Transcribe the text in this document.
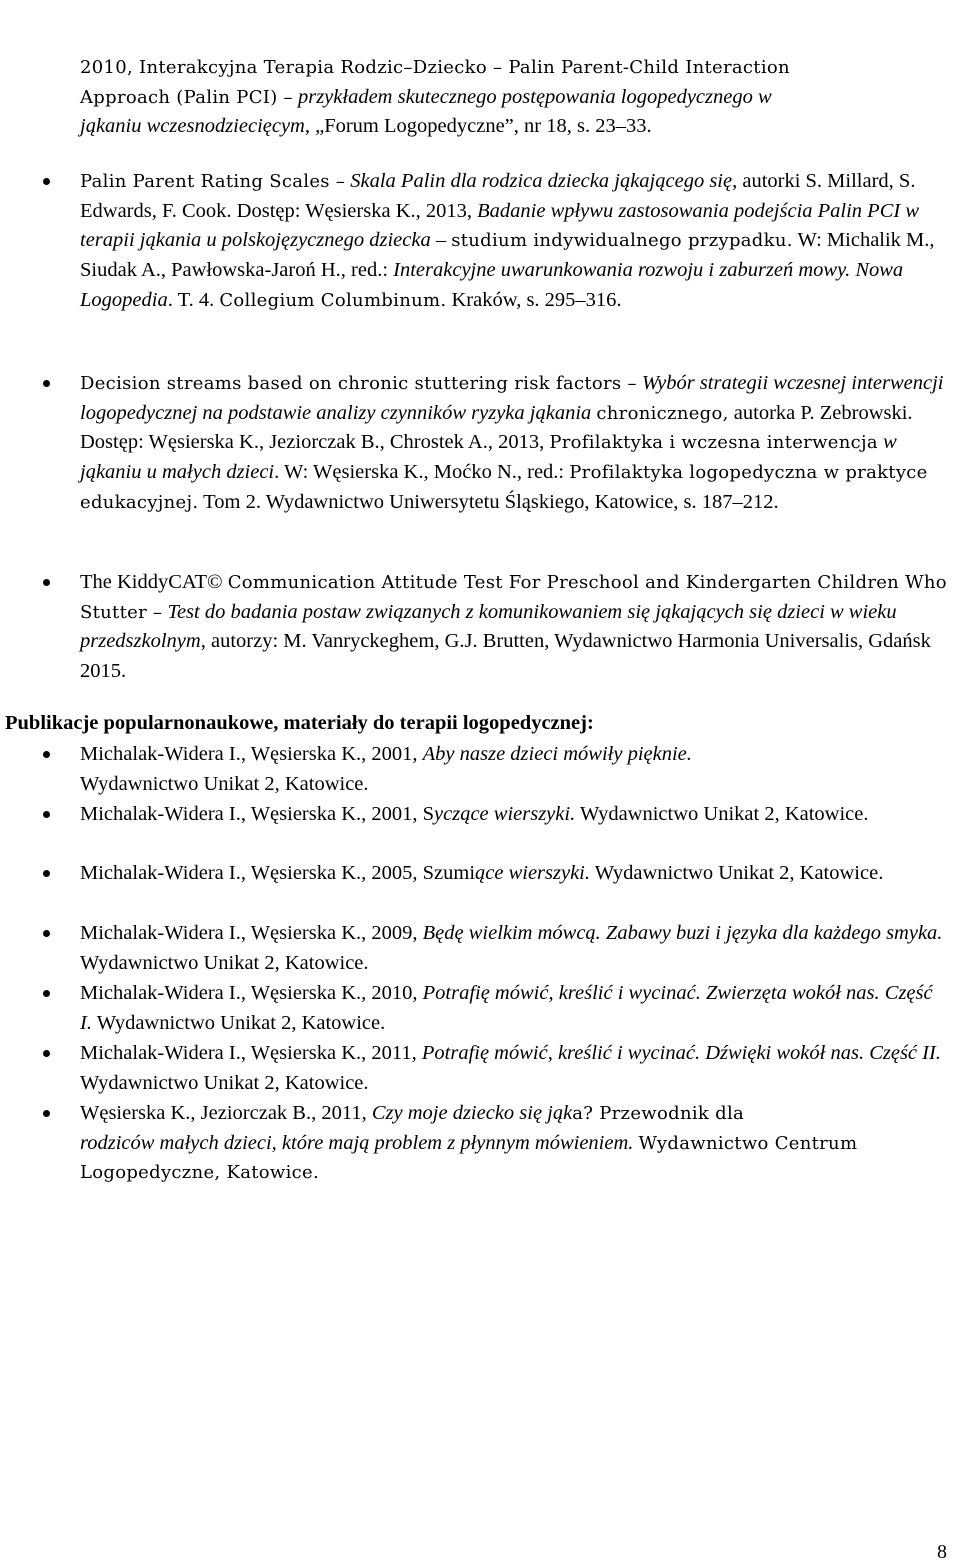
2010, Interakcyjna Terapia Rodzic–Dziecko – Palin Parent-Child Interaction
Approach (Palin PCI) – przykładem skutecznego postępowania logopedycznego w
jąkaniu wczesnodziecięcym, „Forum Logopedyczne”, nr 18, s. 23–33.

Palin Parent Rating Scales – Skala Palin dla rodzica dziecka jąkającego się, autorki S. Millard, S. Edwards, F. Cook. Dostęp: Węsierska K., 2013, Badanie wpływu zastosowania podejścia Palin PCI w terapii jąkania u polskojęzycznego dziecka – studium indywidualnego przypadku. W: Michalik M., Siudak A., Pawłowska-Jaroń H., red.: Interakcyjne uwarunkowania rozwoju i zaburzeń mowy. Nowa Logopedia. T. 4. Collegium Columbinum. Kraków, s. 295–316.

Decision streams based on chronic stuttering risk factors – Wybór strategii wczesnej interwencji logopedycznej na podstawie analizy czynników ryzyka jąkania chronicznego, autorka P. Zebrowski. Dostęp: Węsierska K., Jeziorczak B., Chrostek A., 2013, Profilaktyka i wczesna interwencja w jąkaniu u małych dzieci. W: Węsierska K., Moćko N., red.: Profilaktyka logopedyczna w praktyce edukacyjnej. Tom 2. Wydawnictwo Uniwersytetu Śląskiego, Katowice, s. 187–212.

The KiddyCAT© Communication Attitude Test For Preschool and Kindergarten Children Who Stutter – Test do badania postaw związanych z komunikowaniem się jąkających się dzieci w wieku przedszkolnym, autorzy: M. Vanryckeghem, G.J. Brutten, Wydawnictwo Harmonia Universalis, Gdańsk 2015.

Publikacje popularnonaukowe, materiały do terapii logopedycznej:

Michalak-Widera I., Węsierska K., 2001, Aby nasze dzieci mówiły pięknie.
Wydawnictwo Unikat 2, Katowice.

Michalak-Widera I., Węsierska K., 2001, Syczące wierszyki. Wydawnictwo Unikat 2, Katowice.

Michalak-Widera I., Węsierska K., 2005, Szumiące wierszyki. Wydawnictwo Unikat 2, Katowice.

Michalak-Widera I., Węsierska K., 2009, Będę wielkim mówcą. Zabawy buzi i języka dla każdego smyka. Wydawnictwo Unikat 2, Katowice.

Michalak-Widera I., Węsierska K., 2010, Potrafię mówić, kreślić i wycinać. Zwierzęta wokół nas. Część I. Wydawnictwo Unikat 2, Katowice.

Michalak-Widera I., Węsierska K., 2011, Potrafię mówić, kreślić i wycinać. Dźwięki wokół nas. Część II. Wydawnictwo Unikat 2, Katowice.

Węsierska K., Jeziorczak B., 2011, Czy moje dziecko się jąka? Przewodnik dla
rodziców małych dzieci, które mają problem z płynnym mówieniem. Wydawnictwo Centrum Logopedyczne, Katowice.

8
